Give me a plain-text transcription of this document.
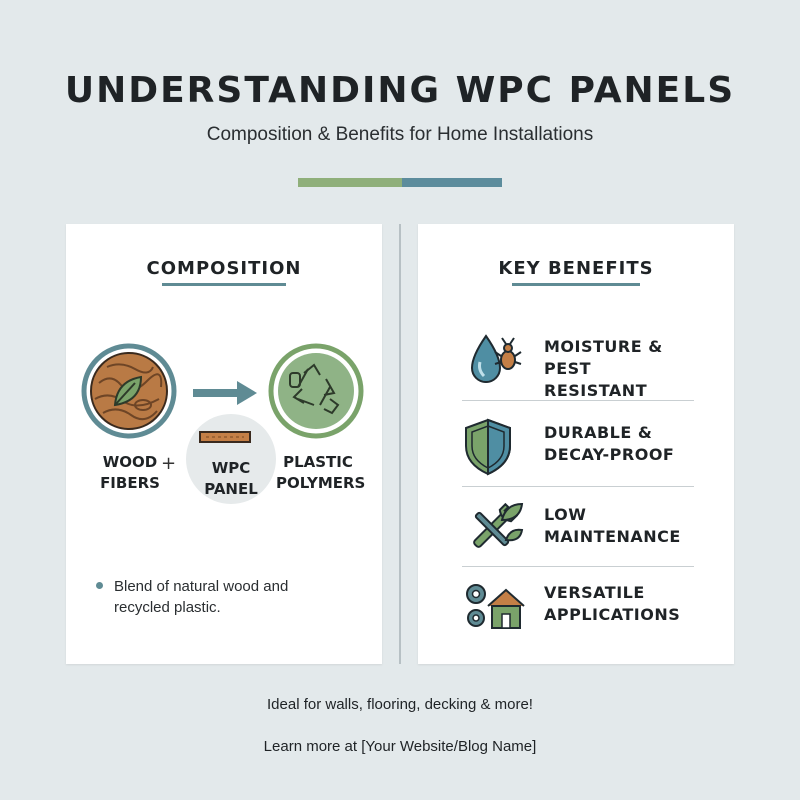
UNDERSTANDING WPC PANELS
Composition & Benefits for Home Installations
COMPOSITION
WOOD
FIBERS
+	WPC
PANEL
PLASTIC
POLYMERS
Blend of natural wood and
recycled plastic.
KEY BENEFITS
MOISTURE & PEST
RESISTANT
DURABLE &
DECAY-PROOF
LOW
MAINTENANCE
VERSATILE
APPLICATIONS
Ideal for walls, flooring, decking & more!
Learn more at [Your Website/Blog Name]
